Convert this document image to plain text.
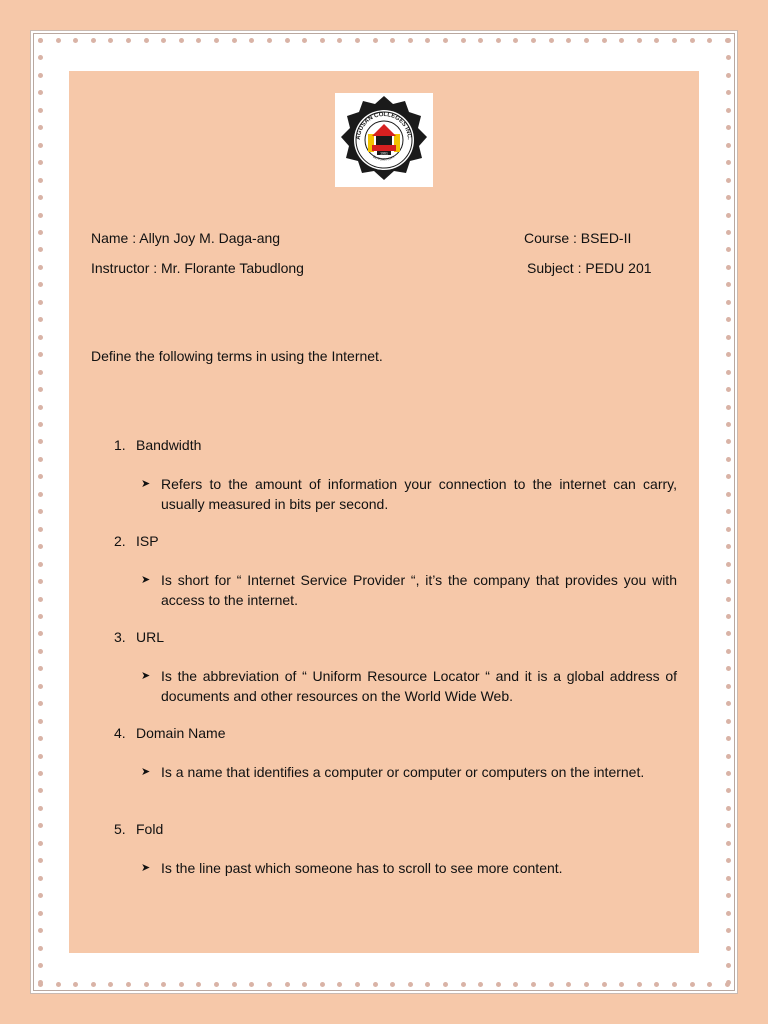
1961
AGUSAN COLLEGES INC.
BUTUAN CITY
Name : Allyn Joy M. Daga-ang	Course : BSED-II
Instructor : Mr. Florante Tabudlong	Subject : PEDU 201
Define the following terms in using the Internet.
1. Bandwidth
➤ Refers to the amount of information your connection to the internet can carry, usually measured in bits per second.
2. ISP
➤ Is short for “ Internet Service Provider “, it’s the company that provides you with access to the internet.
3. URL
➤ Is the abbreviation of “ Uniform Resource Locator “ and it is a global address of documents and other resources on the World Wide Web.
4. Domain Name
➤ Is a name that identifies a computer or computer or computers on the internet.
5. Fold
➤ Is the line past which someone has to scroll to see more content.
